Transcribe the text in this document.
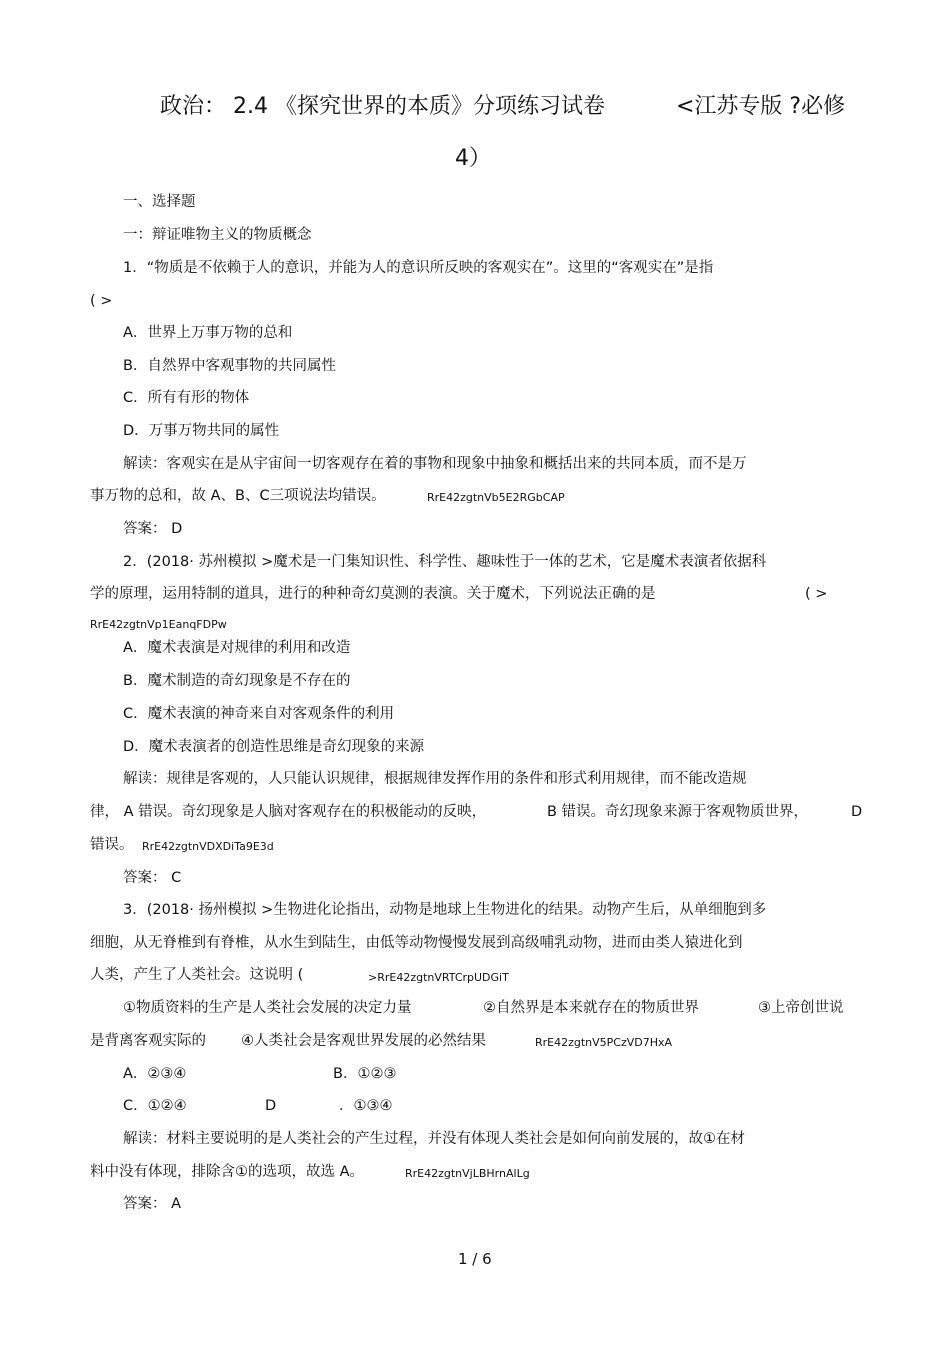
政治： 2.4 《探究世界的本质》分项练习试卷	<江苏专版 ?必修
4）
一、选择题
一：辩证唯物主义的物质概念
1．“物质是不依赖于人的意识，并能为人的意识所反映的客观实在”。这里的“客观实在”是指
( >
A．世界上万事万物的总和
B．自然界中客观事物的共同属性
C．所有有形的物体
D．万事万物共同的属性
解读：客观实在是从宇宙间一切客观存在着的事物和现象中抽象和概括出来的共同本质，而不是万
事万物的总和，故 A、B、C三项说法均错误。	RrE42zgtnVb5E2RGbCAP
答案： D
2．(2018· 苏州模拟 >魔术是一门集知识性、科学性、趣味性于一体的艺术，它是魔术表演者依据科
学的原理，运用特制的道具，进行的种种奇幻莫测的表演。关于魔术，下列说法正确的是	( >
RrE42zgtnVp1EanqFDPw
A．魔术表演是对规律的利用和改造
B．魔术制造的奇幻现象是不存在的
C．魔术表演的神奇来自对客观条件的利用
D．魔术表演者的创造性思维是奇幻现象的来源
解读：规律是客观的，人只能认识规律，根据规律发挥作用的条件和形式利用规律，而不能改造规
律， A 错误。奇幻现象是人脑对客观存在的积极能动的反映，	B 错误。奇幻现象来源于客观物质世界，	D
错误。 RrE42zgtnVDXDiTa9E3d
答案： C
3．(2018· 扬州模拟 >生物进化论指出，动物是地球上生物进化的结果。动物产生后，从单细胞到多
细胞，从无脊椎到有脊椎，从水生到陆生，由低等动物慢慢发展到高级哺乳动物，进而由类人猿进化到
人类，产生了人类社会。这说明 (	>RrE42zgtnVRTCrpUDGiT
①物质资料的生产是人类社会发展的决定力量	②自然界是本来就存在的物质世界	③上帝创世说
是背离客观实际的 ④人类社会是客观世界发展的必然结果	RrE42zgtnV5PCzVD7HxA
A．②③④	B．①②③
C．①②④	D	．①③④
解读：材料主要说明的是人类社会的产生过程，并没有体现人类社会是如何向前发展的，故①在材
料中没有体现，排除含①的选项，故选 A。	RrE42zgtnVjLBHrnAlLg
答案： A
1 / 6
